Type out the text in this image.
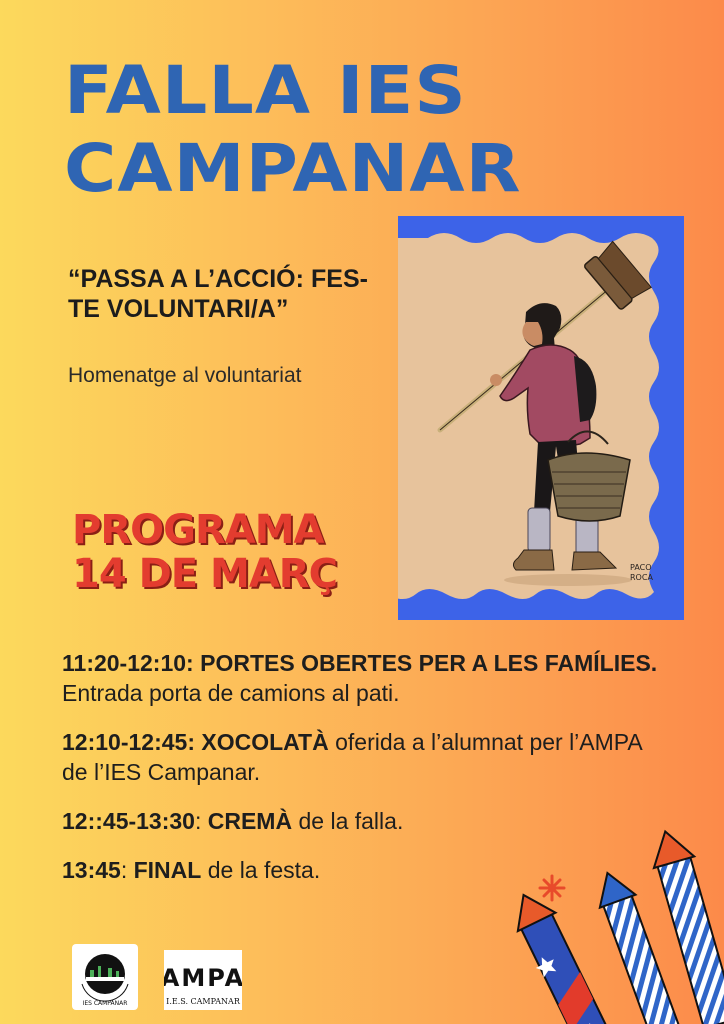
FALLA IES
CAMPANAR
“PASSA A L’ACCIÓ: FES-TE VOLUNTARI/A”
Homenatge al voluntariat
PROGRAMA
14 DE MARÇ	PACO
ROCA

11:20-12:10: PORTES OBERTES PER A LES FAMÍLIES. Entrada porta de camions al pati.

12:10-12:45: XOCOLATÀ oferida a l’alumnat per l’AMPA de l’IES Campanar.

12::45-13:30: CREMÀ de la falla.

13:45: FINAL de la festa.

IES CAMPANAR
AMPA
I.E.S. CAMPANAR
